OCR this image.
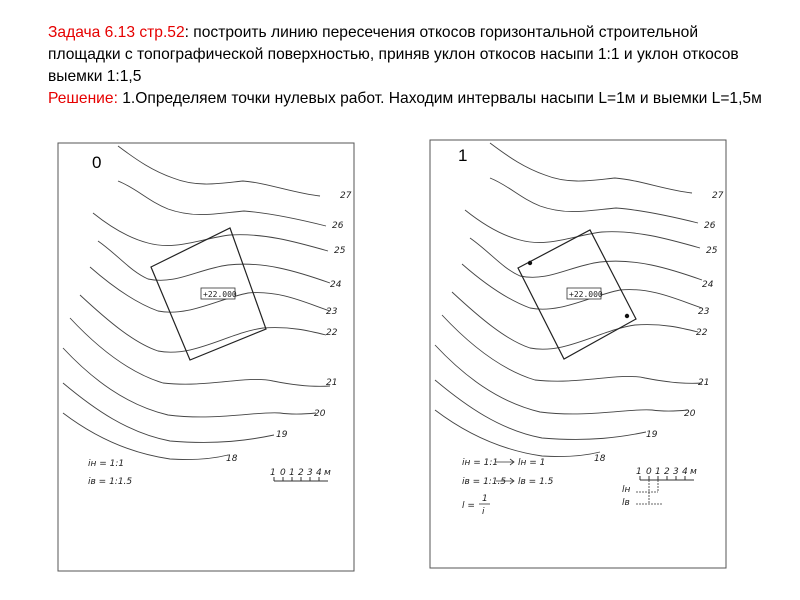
Задача 6.13 стр.52: построить линию пересечения откосов горизонтальной строительной площадки с топографической поверхностью, приняв уклон откосов насыпи 1:1 и уклон откосов выемки 1:1,5
Решение: 1.Определяем точки нулевых работ. Находим интервалы насыпи L=1м и выемки L=1,5м
27
26
25
24
23
22
21
20
19
18
+22.000
iн = 1:1
iв = 1:1.5
1 0 1 2 3 4 м
0
27
26
25
24
23
22
21
20
19
18
+22.000
iн = 1:1 lн = 1
iв = 1:1.5 lв = 1.5
l =
1
i
1 0 1 2 3 4 м
lн
lв
1
